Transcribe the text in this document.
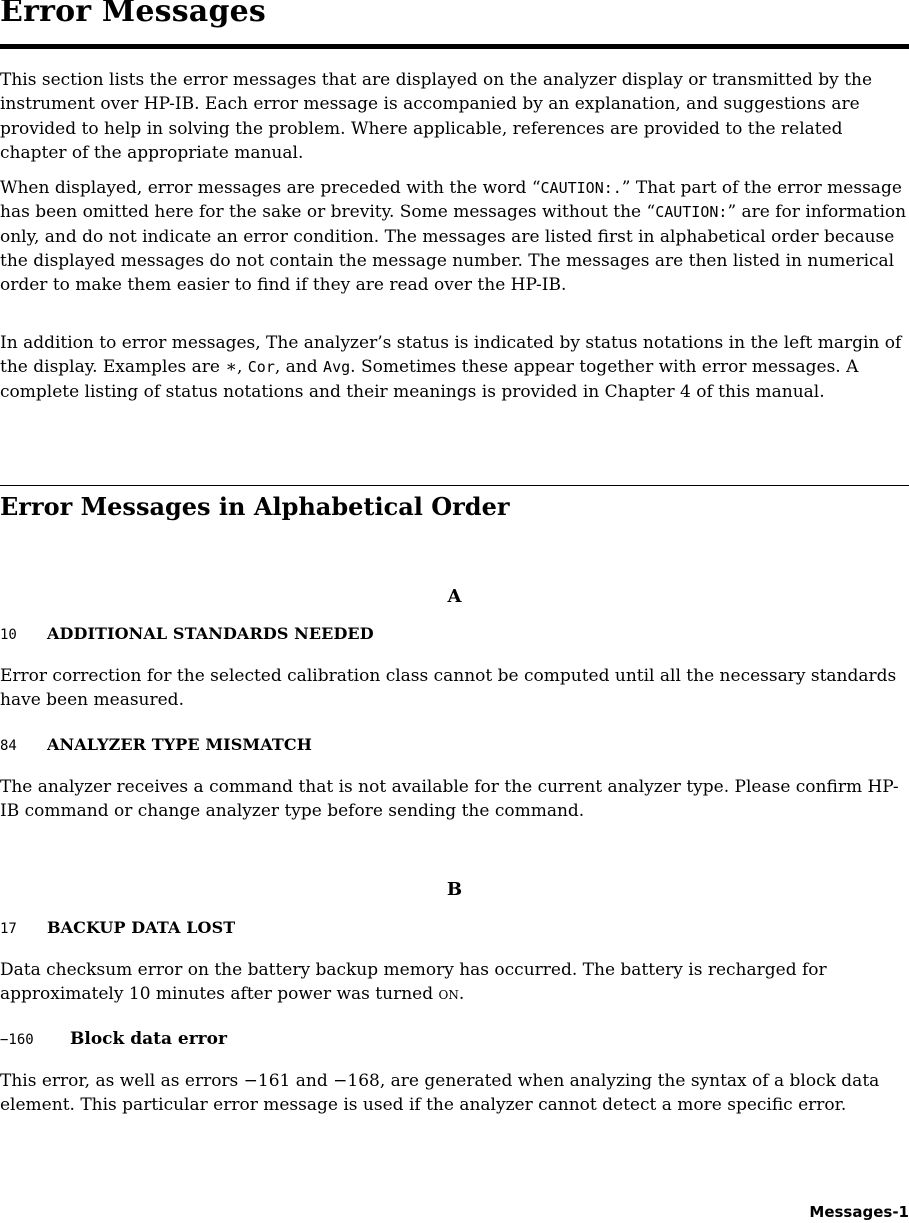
Error Messages

This section lists the error messages that are displayed on the analyzer display or transmitted by the instrument over HP-IB. Each error message is accompanied by an explanation, and suggestions are provided to help in solving the problem. Where applicable, references are provided to the related chapter of the appropriate manual.

When displayed, error messages are preceded with the word “CAUTION:.” That part of the error message has been omitted here for the sake or brevity. Some messages without the “CAUTION:” are for information only, and do not indicate an error condition. The messages are listed first in alphabetical order because the displayed messages do not contain the message number. The messages are then listed in numerical order to make them easier to find if they are read over the HP-IB.

In addition to error messages, The analyzer’s status is indicated by status notations in the left margin of the display. Examples are ∗, Cor, and Avg. Sometimes these appear together with error messages. A complete listing of status notations and their meanings is provided in Chapter 4 of this manual.

Error Messages in Alphabetical Order

A

10 ADDITIONAL STANDARDS NEEDED

Error correction for the selected calibration class cannot be computed until all the necessary standards have been measured.

84 ANALYZER TYPE MISMATCH

The analyzer receives a command that is not available for the current analyzer type. Please confirm HP-IB command or change analyzer type before sending the command.

B

17 BACKUP DATA LOST

Data checksum error on the battery backup memory has occurred. The battery is recharged for approximately 10 minutes after power was turned on.

−160 Block data error

This error, as well as errors −161 and −168, are generated when analyzing the syntax of a block data element. This particular error message is used if the analyzer cannot detect a more specific error.

Messages-1
